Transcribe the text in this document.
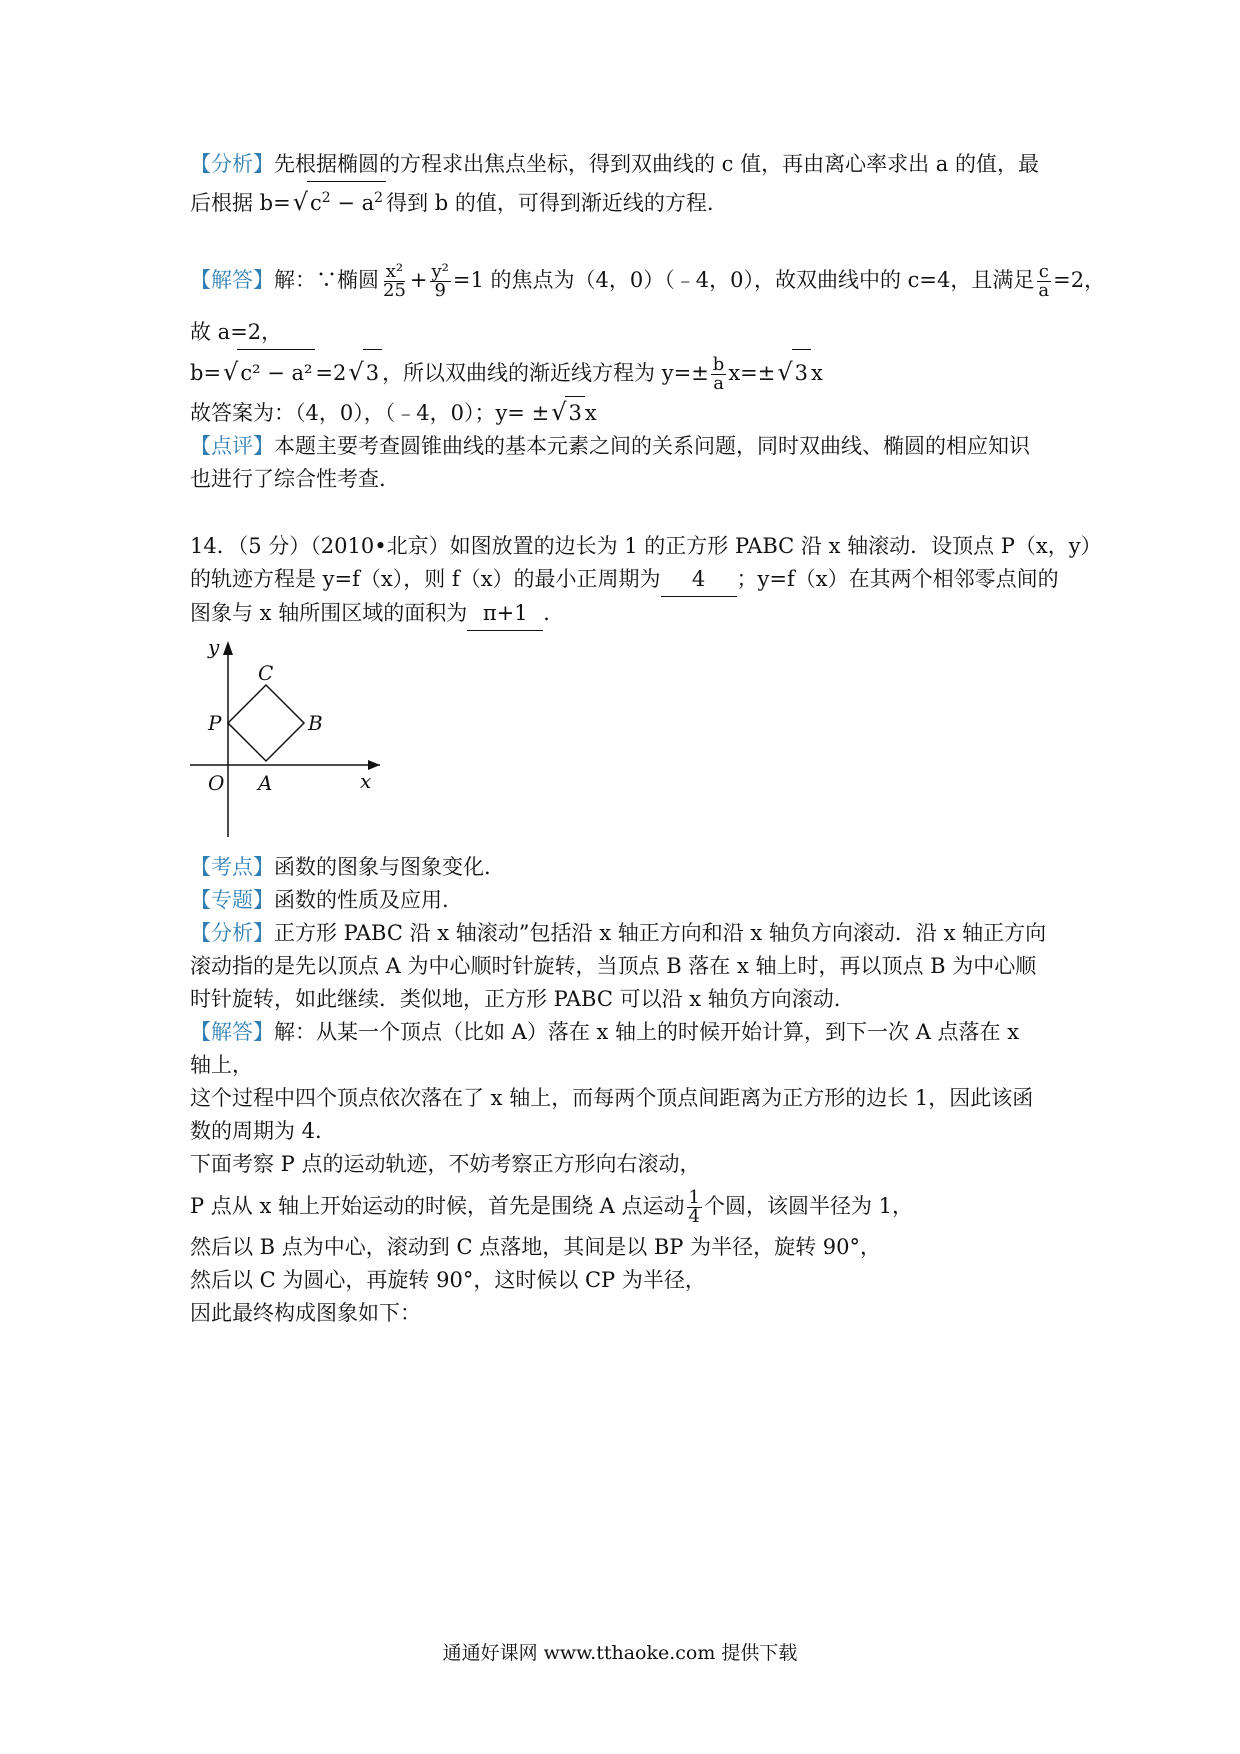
【分析】先根据椭圆的方程求出焦点坐标，得到双曲线的 c 值，再由离心率求出 a 的值，最
后根据 $b=√c^2 - a^2$ 得到 b 的值，可得到渐近线的方程.
【解答】解：∵椭圆 $\frac{\text{x²}}{25} + \frac{\text{y²}}{9} =1$ 的焦点为（4，0）（﹣4，0），故双曲线中的 c=4，且满足 $\frac{c}{a} =2$，
故 a=2，
b=√c² − a² =2√3 ，所以双曲线的渐近线方程为 $y=\pm \frac{b}{a} x=\pm√3$ x
故答案为：（4，0），（﹣4，0）；y= ±√3 x
【点评】本题主要考查圆锥曲线的基本元素之间的关系问题，同时双曲线、椭圆的相应知识
也进行了综合性考查.
14．（5 分）（2010•北京）如图放置的边长为 1 的正方形 PABC 沿 x 轴滚动．设顶点 P（x，y）
的轨迹方程是 y=f（x），则 f（x）的最小正周期为 4 ；y=f（x）在其两个相邻零点间的
图象与 x 轴所围区域的面积为 π+1 ．
y
x
O A
B
C
P
【考点】函数的图象与图象变化.
【专题】函数的性质及应用.
【分析】正方形 PABC 沿 x 轴滚动”包括沿 x 轴正方向和沿 x 轴负方向滚动．沿 x 轴正方向
滚动指的是先以顶点 A 为中心顺时针旋转，当顶点 B 落在 x 轴上时，再以顶点 B 为中心顺
时针旋转，如此继续．类似地，正方形 PABC 可以沿 x 轴负方向滚动.
【解答】解：从某一个顶点（比如 A）落在 x 轴上的时候开始计算，到下一次 A 点落在 x
轴上，
这个过程中四个顶点依次落在了 x 轴上，而每两个顶点间距离为正方形的边长 1，因此该函
数的周期为 4.
下面考察 P 点的运动轨迹，不妨考察正方形向右滚动，
P 点从 x 轴上开始运动的时候，首先是围绕 A 点运动 $\frac{1}{4}$ 个圆，该圆半径为 1，
然后以 B 点为中心，滚动到 C 点落地，其间是以 BP 为半径，旋转 90°，
然后以 C 为圆心，再旋转 90°，这时候以 CP 为半径，
因此最终构成图象如下：
通通好课网 www.tthaoke.com 提供下载
